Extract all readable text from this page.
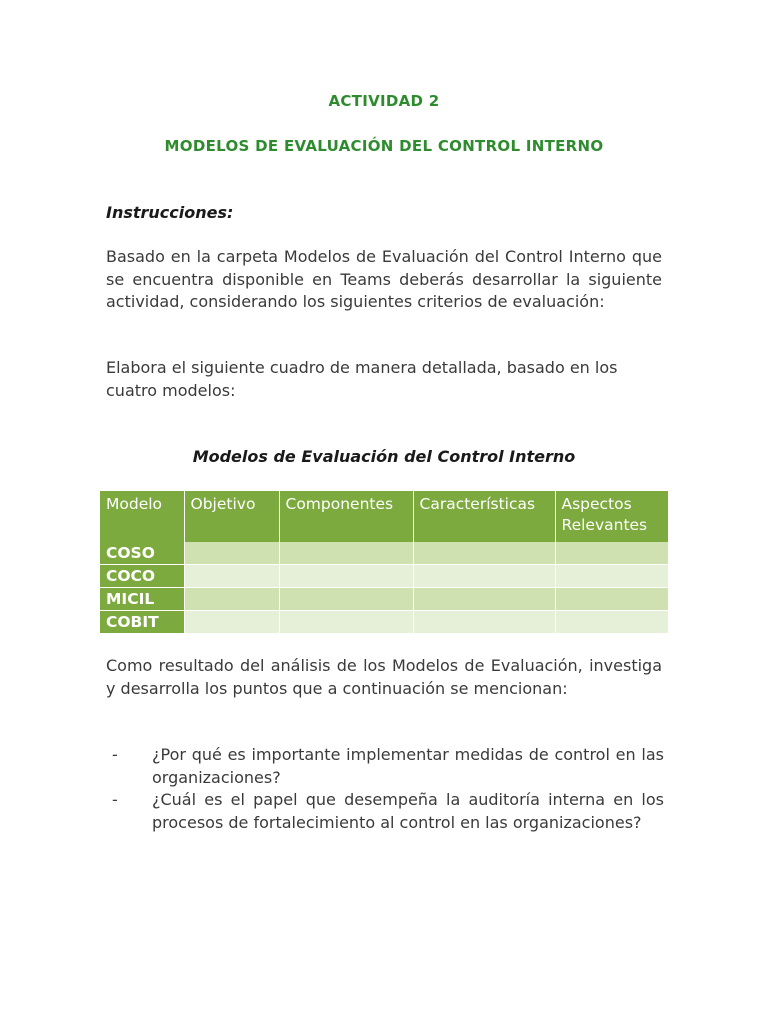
ACTIVIDAD 2
MODELOS DE EVALUACIÓN DEL CONTROL INTERNO
Instrucciones:
Basado en la carpeta Modelos de Evaluación del Control Interno que se encuentra disponible en Teams deberás desarrollar la siguiente actividad, considerando los siguientes criterios de evaluación:
Elabora el siguiente cuadro de manera detallada, basado en los cuatro modelos:
Modelos de Evaluación del Control Interno
Modelo	Objetivo	Componentes	Características	Aspectos Relevantes
COSO				
COCO				
MICIL				
COBIT				
Como resultado del análisis de los Modelos de Evaluación, investiga y desarrolla los puntos que a continuación se mencionan:
- ¿Por qué es importante implementar medidas de control en las organizaciones?
- ¿Cuál es el papel que desempeña la auditoría interna en los procesos de fortalecimiento al control en las organizaciones?
